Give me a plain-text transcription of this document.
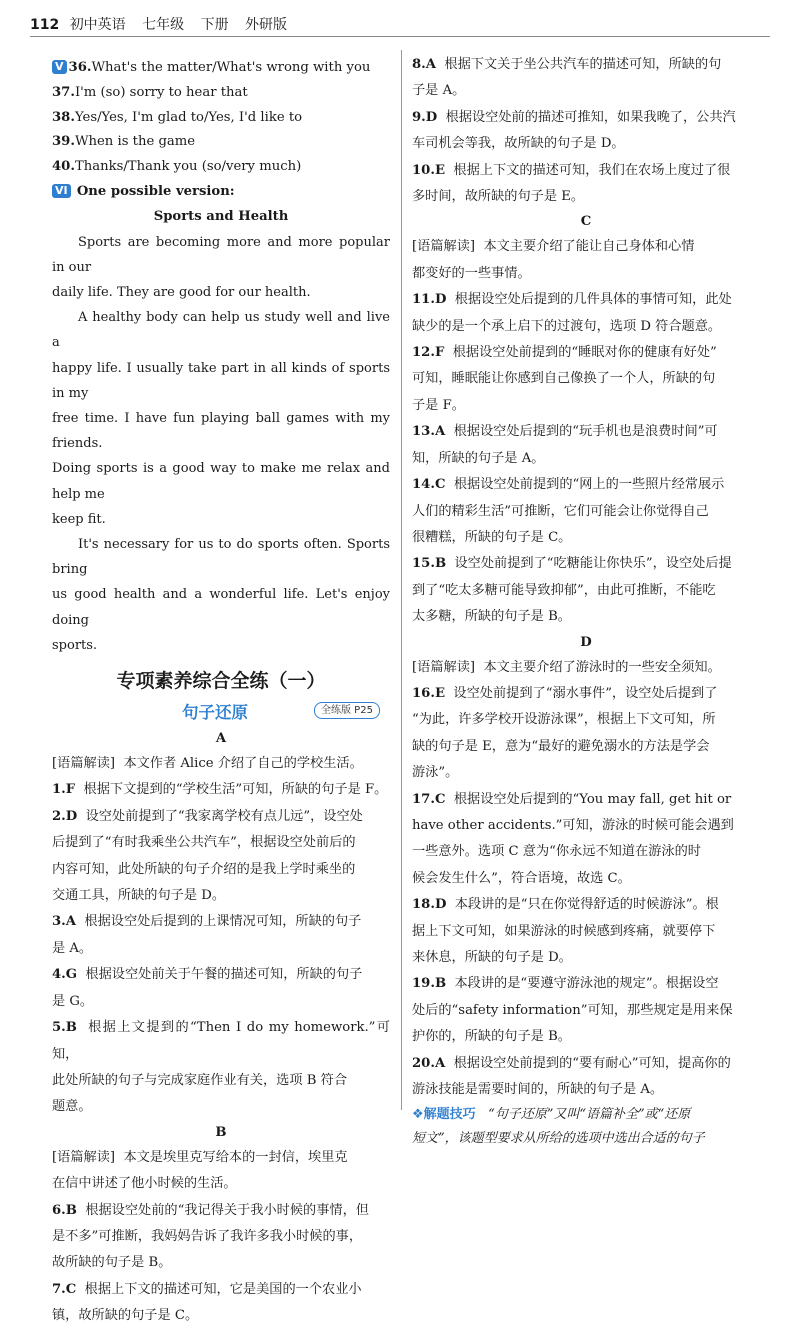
112 初中英语 七年级 下册 外研版
V 36.What's the matter/What's wrong with you
37.I'm (so) sorry to hear that
38.Yes/Yes, I'm glad to/Yes, I'd like to
39.When is the game
40.Thanks/Thank you (so/very much)
VI One possible version:
Sports and Health
Sports are becoming more and more popular in our
daily life. They are good for our health.
A healthy body can help us study well and live a
happy life. I usually take part in all kinds of sports in my
free time. I have fun playing ball games with my friends.
Doing sports is a good way to make me relax and help me
keep fit.
It's necessary for us to do sports often. Sports bring
us good health and a wonderful life. Let's enjoy doing
sports.
专项素养综合全练（一）
句子还原	全练版 P25
A
[语篇解读] 本文作者 Alice 介绍了自己的学校生活。
1.F 根据下文提到的“学校生活”可知，所缺的句子是 F。
2.D 设空处前提到了“我家离学校有点儿远”，设空处
后提到了“有时我乘坐公共汽车”，根据设空处前后的
内容可知，此处所缺的句子介绍的是我上学时乘坐的
交通工具，所缺的句子是 D。
3.A 根据设空处后提到的上课情况可知，所缺的句子
是 A。
4.G 根据设空处前关于午餐的描述可知，所缺的句子
是 G。
5.B 根据上文提到的“Then I do my homework.”可知，
此处所缺的句子与完成家庭作业有关，选项 B 符合
题意。
B
[语篇解读] 本文是埃里克写给本的一封信，埃里克
在信中讲述了他小时候的生活。
6.B 根据设空处前的“我记得关于我小时候的事情，但
是不多”可推断，我妈妈告诉了我许多我小时候的事，
故所缺的句子是 B。
7.C 根据上下文的描述可知，它是美国的一个农业小
镇，故所缺的句子是 C。
8.A 根据下文关于坐公共汽车的描述可知，所缺的句
子是 A。
9.D 根据设空处前的描述可推知，如果我晚了，公共汽
车司机会等我，故所缺的句子是 D。
10.E 根据上下文的描述可知，我们在农场上度过了很
多时间，故所缺的句子是 E。
C
[语篇解读] 本文主要介绍了能让自己身体和心情
都变好的一些事情。
11.D 根据设空处后提到的几件具体的事情可知，此处
缺少的是一个承上启下的过渡句，选项 D 符合题意。
12.F 根据设空处前提到的“睡眠对你的健康有好处”
可知，睡眠能让你感到自己像换了一个人，所缺的句
子是 F。
13.A 根据设空处后提到的“玩手机也是浪费时间”可
知，所缺的句子是 A。
14.C 根据设空处前提到的“网上的一些照片经常展示
人们的精彩生活”可推断，它们可能会让你觉得自己
很糟糕，所缺的句子是 C。
15.B 设空处前提到了“吃糖能让你快乐”，设空处后提
到了“吃太多糖可能导致抑郁”，由此可推断，不能吃
太多糖，所缺的句子是 B。
D
[语篇解读] 本文主要介绍了游泳时的一些安全须知。
16.E 设空处前提到了“溺水事件”，设空处后提到了
“为此，许多学校开设游泳课”，根据上下文可知，所
缺的句子是 E，意为“最好的避免溺水的方法是学会
游泳”。
17.C 根据设空处后提到的“You may fall, get hit or
have other accidents.”可知，游泳的时候可能会遇到
一些意外。选项 C 意为“你永远不知道在游泳的时
候会发生什么”，符合语境，故选 C。
18.D 本段讲的是“只在你觉得舒适的时候游泳”。根
据上下文可知，如果游泳的时候感到疼痛，就要停下
来休息，所缺的句子是 D。
19.B 本段讲的是“要遵守游泳池的规定”。根据设空
处后的“safety information”可知，那些规定是用来保
护你的，所缺的句子是 B。
20.A 根据设空处前提到的“要有耐心”可知，提高你的
游泳技能是需要时间的，所缺的句子是 A。
❖解题技巧 “句子还原”又叫“语篇补全”或“还原
短文”，该题型要求从所给的选项中选出合适的句子
